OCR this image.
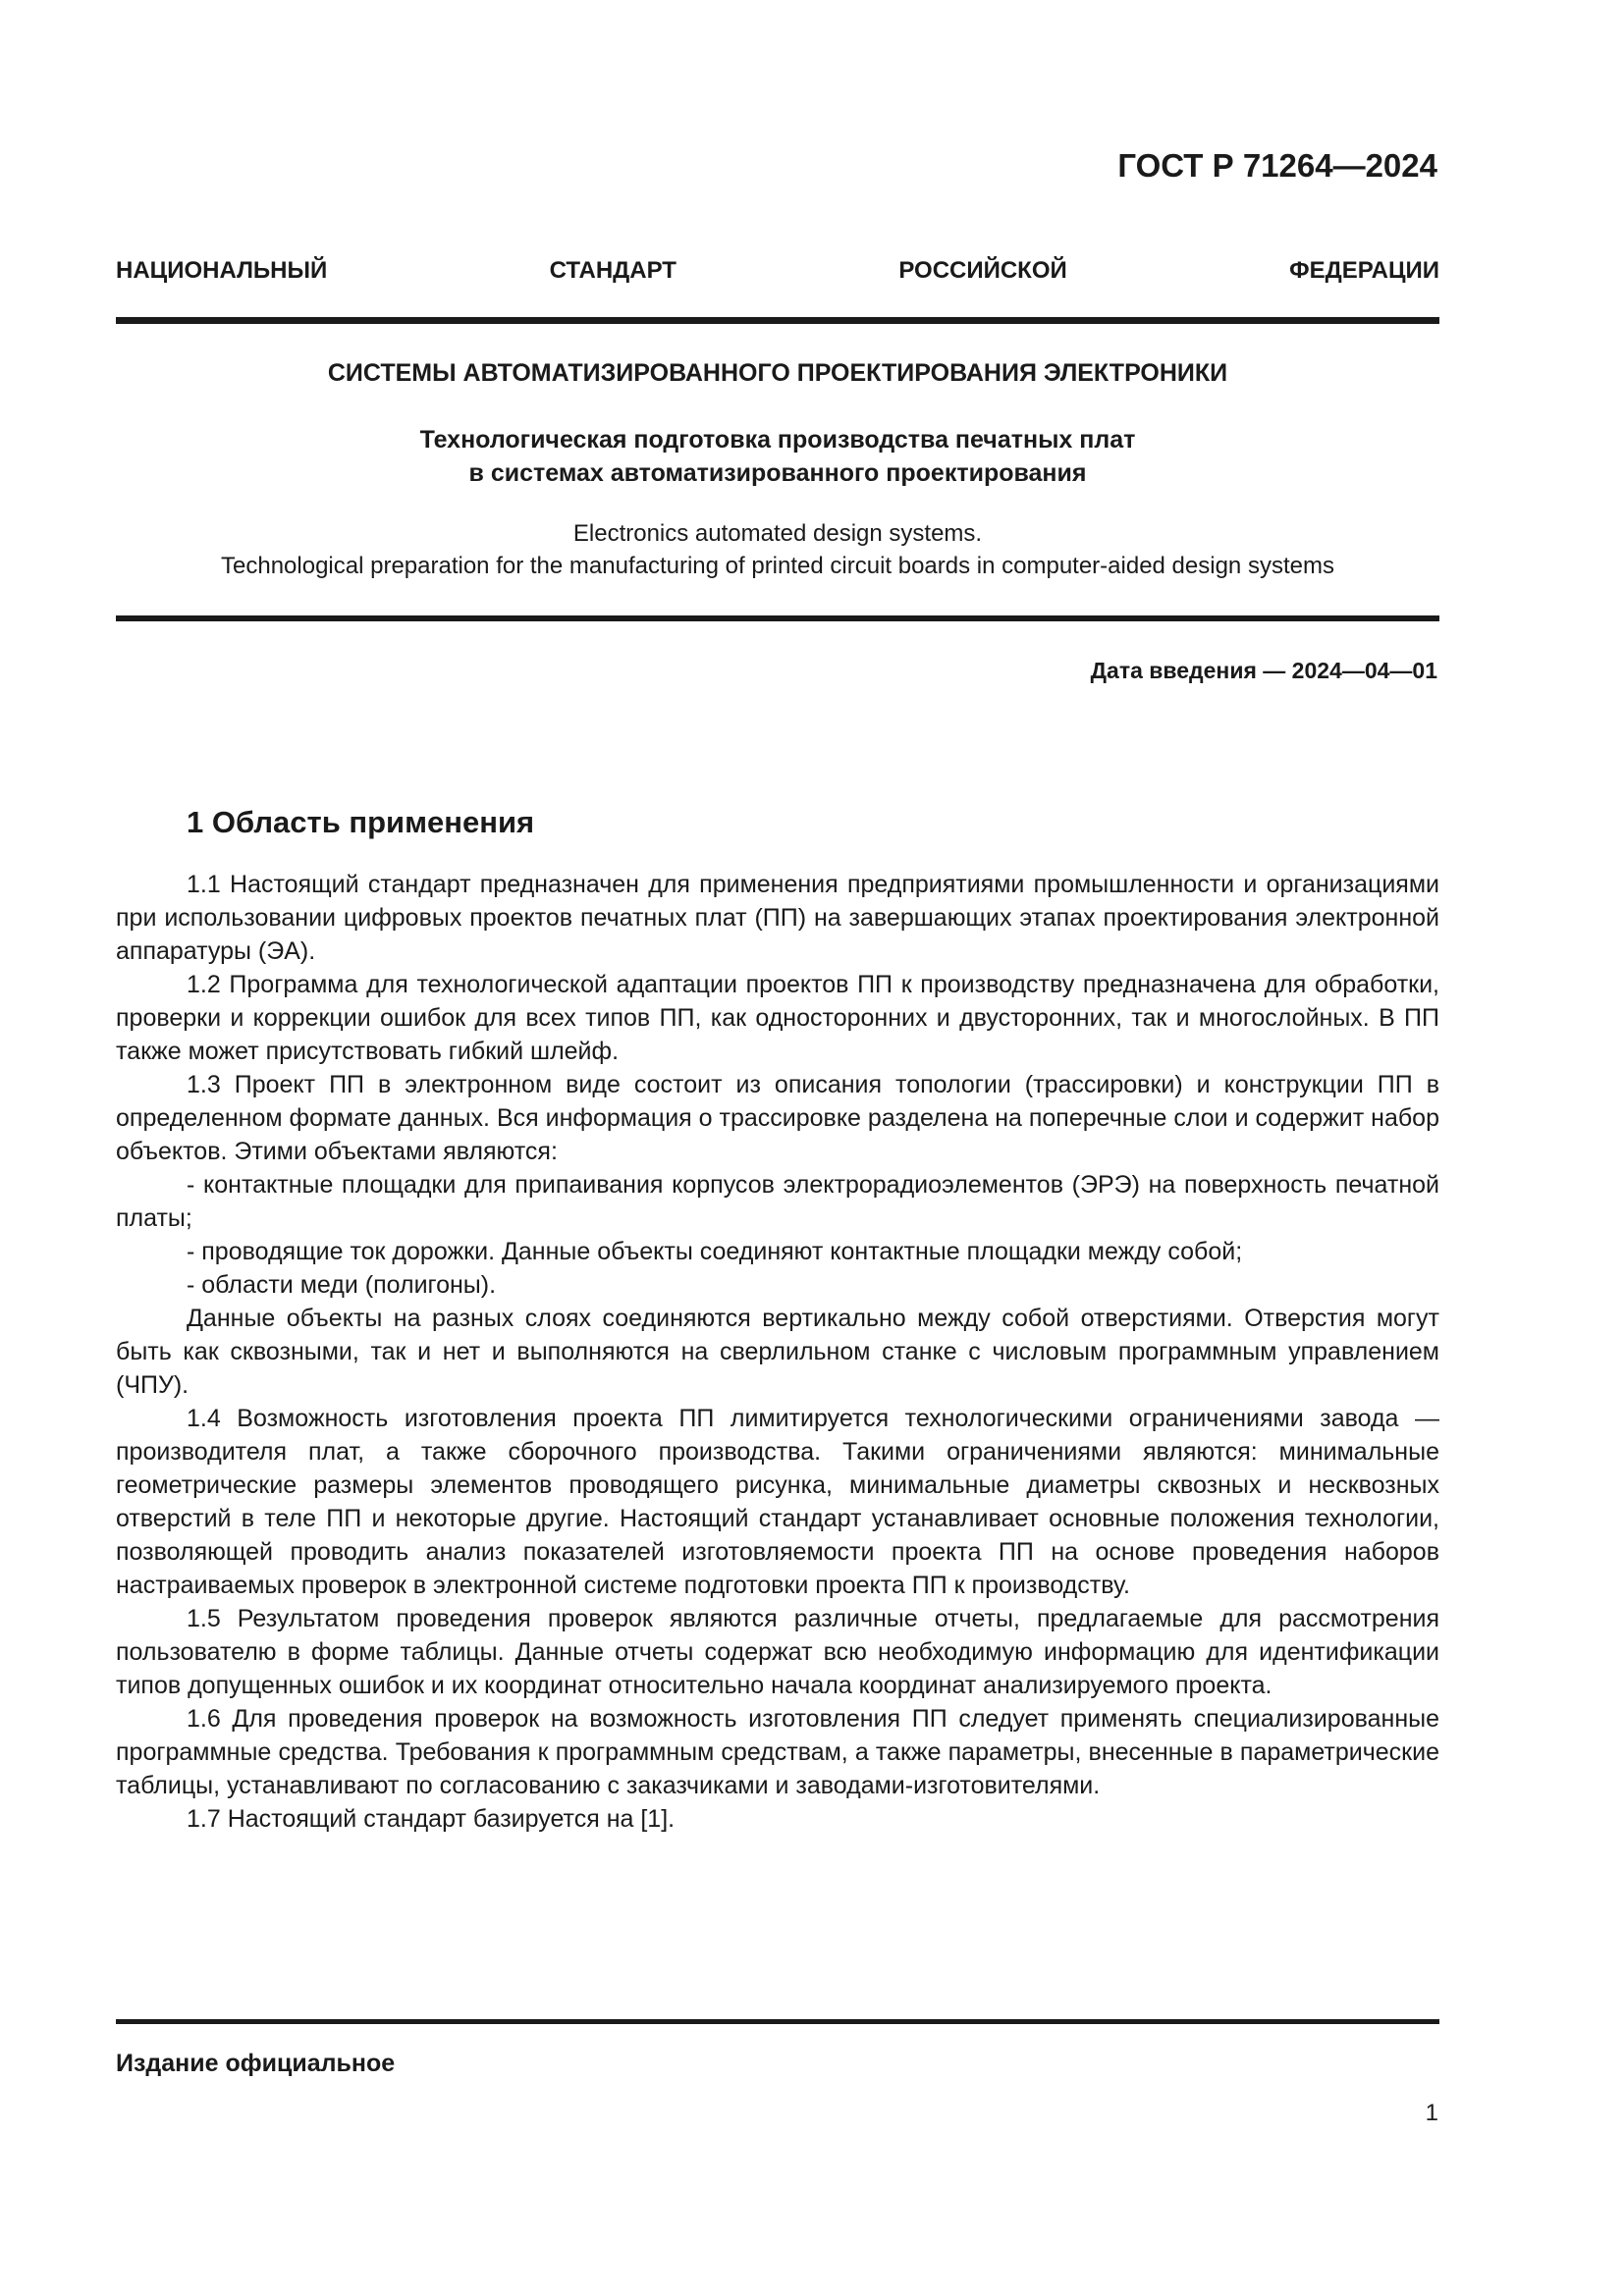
ГОСТ Р 71264—2024
НАЦИОНАЛЬНЫЙ СТАНДАРТ РОССИЙСКОЙ ФЕДЕРАЦИИ
СИСТЕМЫ АВТОМАТИЗИРОВАННОГО ПРОЕКТИРОВАНИЯ ЭЛЕКТРОНИКИ
Технологическая подготовка производства печатных плат
в системах автоматизированного проектирования
Electronics automated design systems.
Technological preparation for the manufacturing of printed circuit boards in computer-aided design systems
Дата введения — 2024—04—01
1 Область применения

1.1 Настоящий стандарт предназначен для применения предприятиями промышленности и организациями при использовании цифровых проектов печатных плат (ПП) на завершающих этапах проектирования электронной аппаратуры (ЭА).

1.2 Программа для технологической адаптации проектов ПП к производству предназначена для обработки, проверки и коррекции ошибок для всех типов ПП, как односторонних и двусторонних, так и многослойных. В ПП также может присутствовать гибкий шлейф.

1.3 Проект ПП в электронном виде состоит из описания топологии (трассировки) и конструкции ПП в определенном формате данных. Вся информация о трассировке разделена на поперечные слои и содержит набор объектов. Этими объектами являются:

- контактные площадки для припаивания корпусов электрорадиоэлементов (ЭРЭ) на поверхность печатной платы;

- проводящие ток дорожки. Данные объекты соединяют контактные площадки между собой;

- области меди (полигоны).

Данные объекты на разных слоях соединяются вертикально между собой отверстиями. Отверстия могут быть как сквозными, так и нет и выполняются на сверлильном станке с числовым программным управлением (ЧПУ).

1.4 Возможность изготовления проекта ПП лимитируется технологическими ограничениями завода — производителя плат, а также сборочного производства. Такими ограничениями являются: минимальные геометрические размеры элементов проводящего рисунка, минимальные диаметры сквозных и несквозных отверстий в теле ПП и некоторые другие. Настоящий стандарт устанавливает основные положения технологии, позволяющей проводить анализ показателей изготовляемости проекта ПП на основе проведения наборов настраиваемых проверок в электронной системе подготовки проекта ПП к производству.

1.5 Результатом проведения проверок являются различные отчеты, предлагаемые для рассмотрения пользователю в форме таблицы. Данные отчеты содержат всю необходимую информацию для идентификации типов допущенных ошибок и их координат относительно начала координат анализируемого проекта.

1.6 Для проведения проверок на возможность изготовления ПП следует применять специализированные программные средства. Требования к программным средствам, а также параметры, внесенные в параметрические таблицы, устанавливают по согласованию с заказчиками и заводами-изготовителями.

1.7 Настоящий стандарт базируется на [1].

Издание официальное
1
